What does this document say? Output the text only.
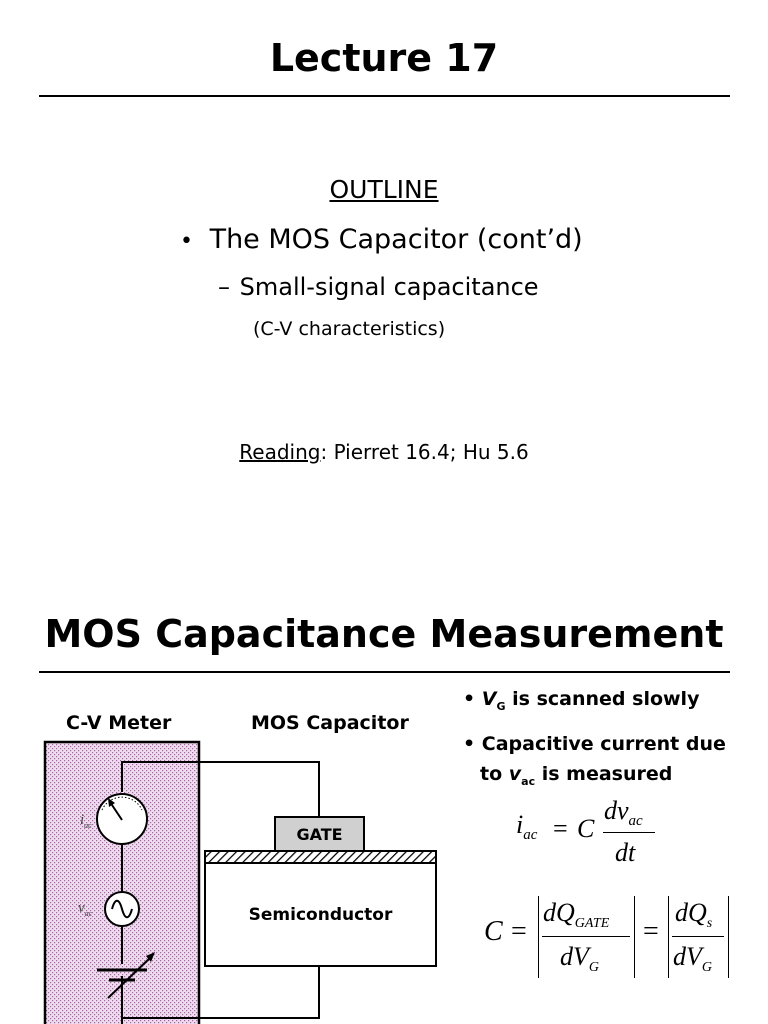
Lecture 17
OUTLINE
• The MOS Capacitor (cont’d)
– Small-signal capacitance
(C-V characteristics)
Reading: Pierret 16.4; Hu 5.6
MOS Capacitance Measurement
C-V Meter	MOS Capacitor
GATE
Semiconductor
$i_{ac}$
$v_{ac}$
• $V_G$ is scanned slowly
• Capacitive current due
to $v_{ac}$ is measured
$i_{ac} = C$
$dv_{ac}$
dt
C =
$dQ_{GATE}$
$dV_G$
=
$dQ_s$
$dV_G$
